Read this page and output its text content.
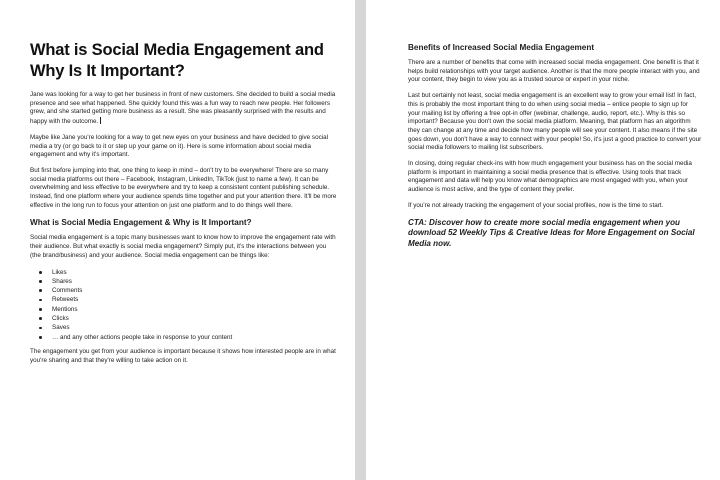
What is Social Media Engagement and Why Is It Important?

Jane was looking for a way to get her business in front of new customers. She decided to build a social media presence and see what happened. She quickly found this was a fun way to reach new people. Her followers grew, and she started getting more business as a result. She was pleasantly surprised with the results and happy with the outcome.

Maybe like Jane you're looking for a way to get new eyes on your business and have decided to give social media a try (or go back to it or step up your game on it). Here is some information about social media engagement and why it's important.

But first before jumping into that, one thing to keep in mind – don't try to be everywhere! There are so many social media platforms out there – Facebook, Instagram, LinkedIn, TikTok (just to name a few). It can be overwhelming and less effective to be everywhere and try to keep a consistent content publishing schedule. Instead, find one platform where your audience spends time together and put your attention there. It'll be more effective in the long run to focus your attention on just one platform and to do things well there.

What is Social Media Engagement & Why is It Important?

Social media engagement is a topic many businesses want to know how to improve the engagement rate with their audience. But what exactly is social media engagement? Simply put, it's the interactions between you (the brand/business) and your audience. Social media engagement can be things like:

Likes
Shares
Comments
Retweets
Mentions
Clicks
Saves
… and any other actions people take in response to your content

The engagement you get from your audience is important because it shows how interested people are in what you're sharing and that they're willing to take action on it.

Benefits of Increased Social Media Engagement

There are a number of benefits that come with increased social media engagement. One benefit is that it helps build relationships with your target audience. Another is that the more people interact with you, and your content, they begin to view you as a trusted source or expert in your niche.

Last but certainly not least, social media engagement is an excellent way to grow your email list! In fact, this is probably the most important thing to do when using social media – entice people to sign up for your mailing list by offering a free opt-in offer (webinar, challenge, audio, report, etc.). Why is this so important? Because you don't own the social media platform. Meaning, that platform has an algorithm they can change at any time and decide how many people will see your content. It also means if the site goes down, you don't have a way to connect with your people! So, it's just a good practice to convert your social media followers to mailing list subscribers.

In closing, doing regular check-ins with how much engagement your business has on the social media platform is important in maintaining a social media presence that is effective. Using tools that track engagement and data will help you know what demographics are most engaged with you, when your audience is most active, and the type of content they prefer.

If you're not already tracking the engagement of your social profiles, now is the time to start.

CTA: Discover how to create more social media engagement when you download 52 Weekly Tips & Creative Ideas for More Engagement on Social Media now.
